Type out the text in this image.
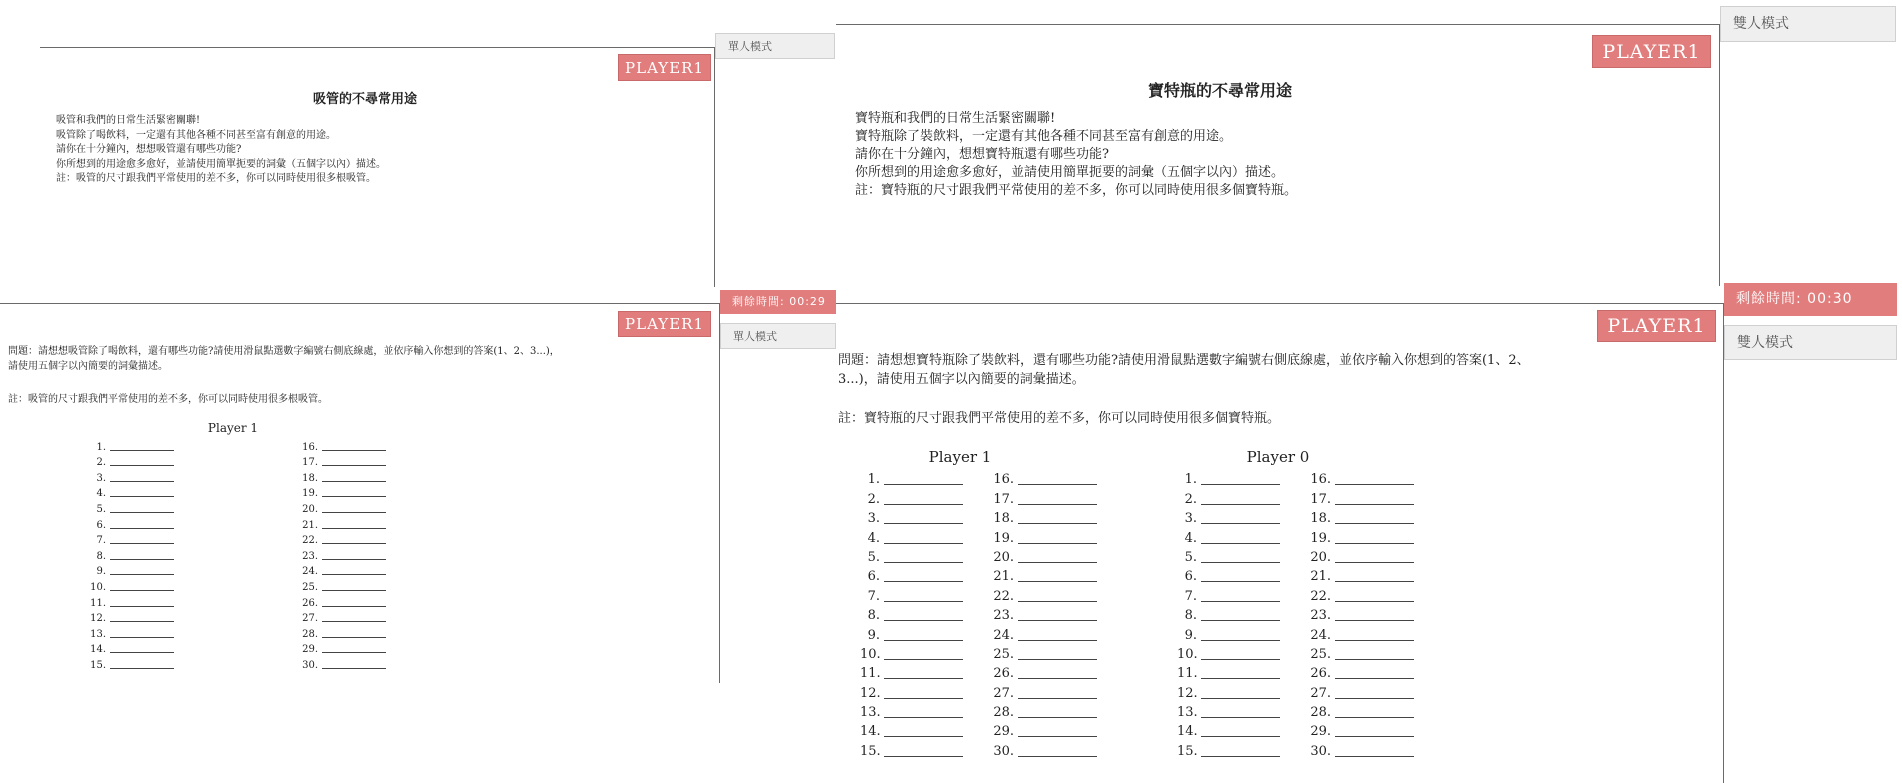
PLAYER1
單人模式
吸管的不尋常用途
吸管和我們的日常生活緊密關聯!
吸管除了喝飲料，一定還有其他各種不同甚至富有創意的用途。
請你在十分鐘內，想想吸管還有哪些功能?
你所想到的用途愈多愈好，並請使用簡單扼要的詞彙（五個字以內）描述。
註：吸管的尺寸跟我們平常使用的差不多，你可以同時使用很多根吸管。
PLAYER1
雙人模式
寶特瓶的不尋常用途
寶特瓶和我們的日常生活緊密關聯!
寶特瓶除了裝飲料，一定還有其他各種不同甚至富有創意的用途。
請你在十分鐘內，想想寶特瓶還有哪些功能?
你所想到的用途愈多愈好，並請使用簡單扼要的詞彙（五個字以內）描述。
註：寶特瓶的尺寸跟我們平常使用的差不多，你可以同時使用很多個寶特瓶。
剩餘時間: 00:29
單人模式
PLAYER1
問題：請想想吸管除了喝飲料，還有哪些功能?請使用滑鼠點選數字編號右側底線處，並依序輸入你想到的答案(1、2、3...)，
請使用五個字以內簡要的詞彙描述。
註：吸管的尺寸跟我們平常使用的差不多，你可以同時使用很多根吸管。
Player 1
1.
2.
3.
4.
5.
6.
7.
8.
9.
10.
11.
12.
13.
14.
15.
16.
17.
18.
19.
20.
21.
22.
23.
24.
25.
26.
27.
28.
29.
30.
剩餘時間: 00:30
雙人模式
PLAYER1
問題：請想想寶特瓶除了裝飲料，還有哪些功能?請使用滑鼠點選數字編號右側底線處，並依序輸入你想到的答案(1、2、
3...)，請使用五個字以內簡要的詞彙描述。
註：寶特瓶的尺寸跟我們平常使用的差不多，你可以同時使用很多個寶特瓶。
Player 1
1.
2.
3.
4.
5.
6.
7.
8.
9.
10.
11.
12.
13.
14.
15.
16.
17.
18.
19.
20.
21.
22.
23.
24.
25.
26.
27.
28.
29.
30.
Player 0
1.
2.
3.
4.
5.
6.
7.
8.
9.
10.
11.
12.
13.
14.
15.
16.
17.
18.
19.
20.
21.
22.
23.
24.
25.
26.
27.
28.
29.
30.
